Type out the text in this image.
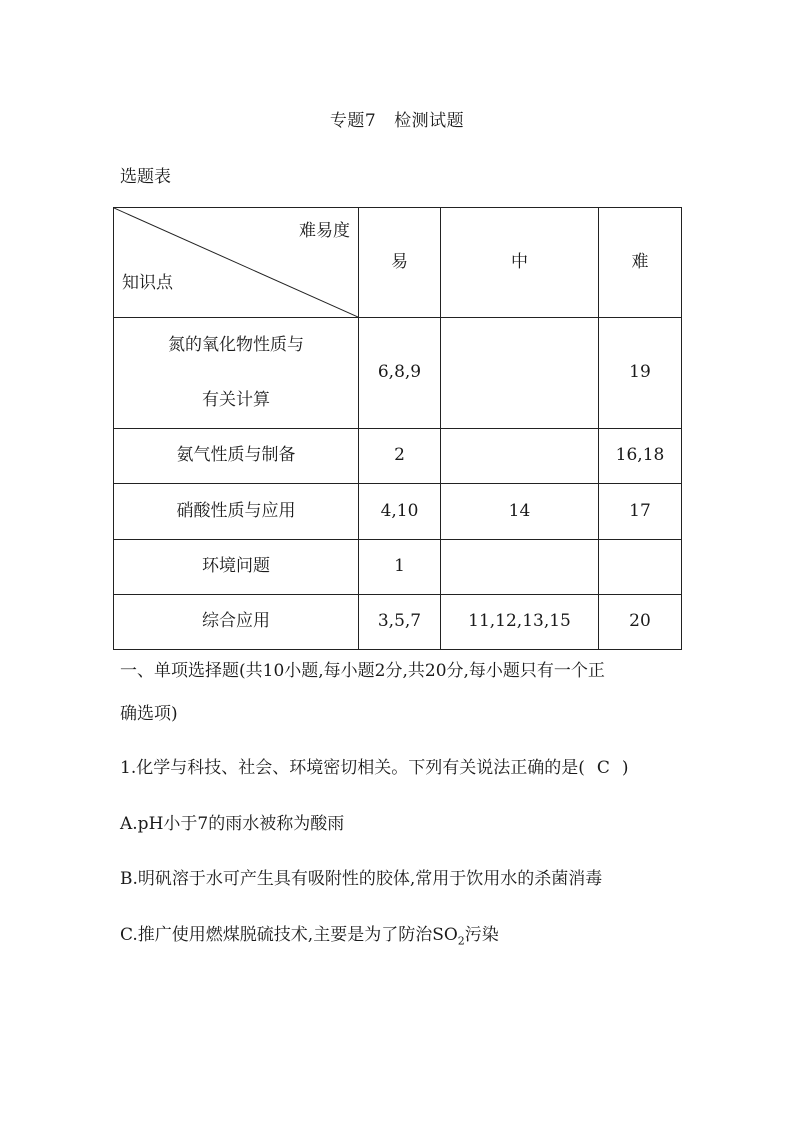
专题7 检测试题
选题表
难易度
知识点	易	中	难

氮的氧化物性质与
有关计算	6,8,9		19
氨气性质与制备	2		16,18
硝酸性质与应用	4,10	14	17
环境问题	1		
综合应用	3,5,7	11,12,13,15	20
一、单项选择题(共10小题,每小题2分,共20分,每小题只有一个正
确选项)
1.化学与科技、社会、环境密切相关。下列有关说法正确的是( C )
A.pH小于7的雨水被称为酸雨
B.明矾溶于水可产生具有吸附性的胶体,常用于饮用水的杀菌消毒
C.推广使用燃煤脱硫技术,主要是为了防治$SO_2$污染
